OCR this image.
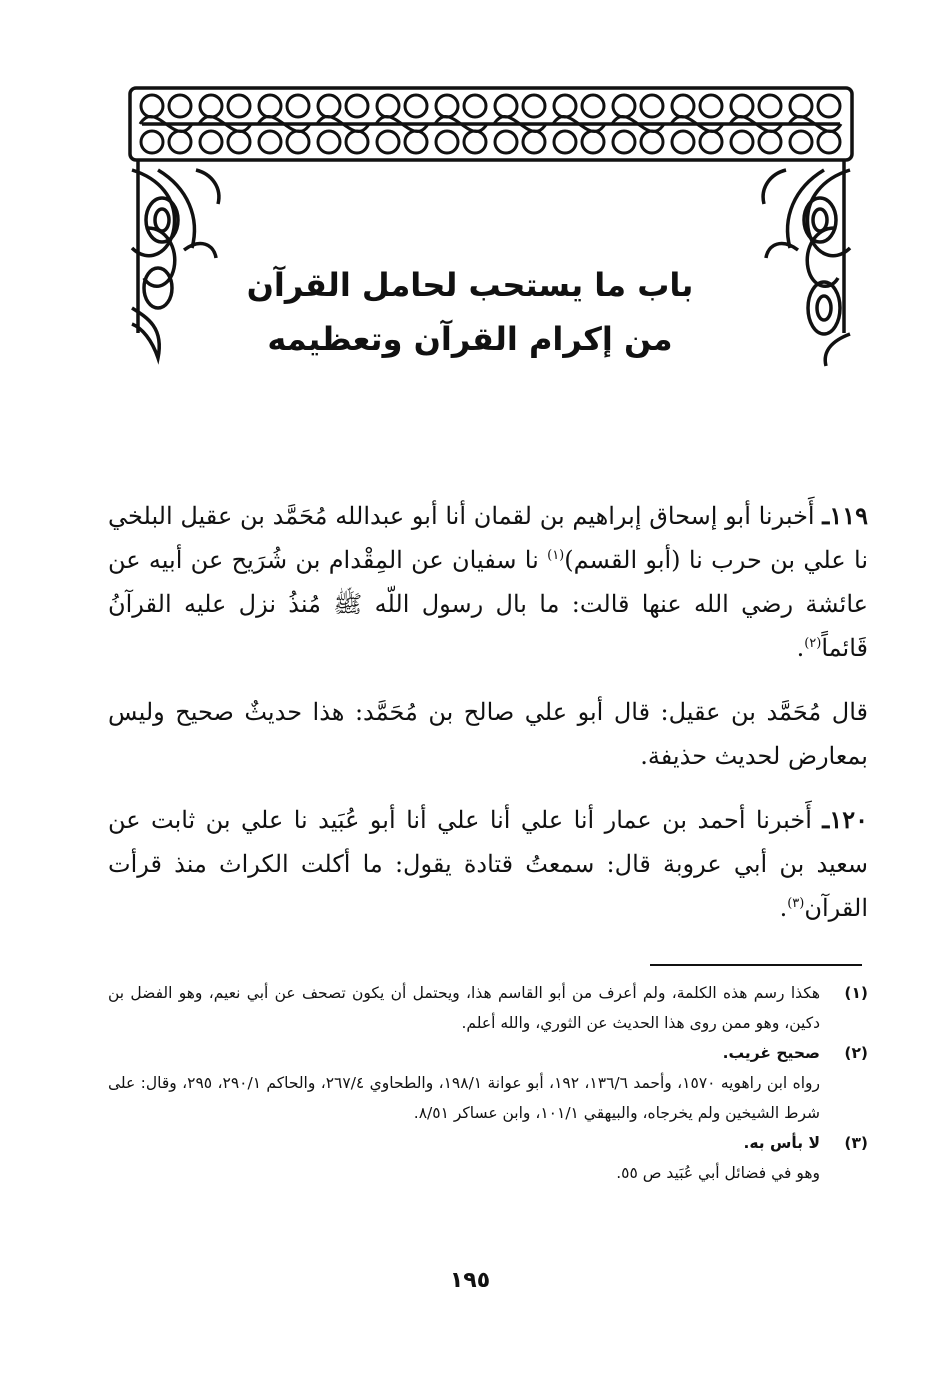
باب ما يستحب لحامل القرآن
من إكرام القرآن وتعظيمه
١١٩ـ أَخبرنا أبو إسحاق إبراهيم بن لقمان أنا أبو عبدالله مُحَمَّد بن عقيل البلخي نا علي بن حرب نا (أبو القسم)$^{(١)}$ نا سفيان عن المِقْدام بن شُرَيح عن أبيه عن عائشة رضي الله عنها قالت: ما بال رسول اللّه ﷺ مُنذُ نزل عليه القرآنُ قَائماً$^{(٢)}$.
قال مُحَمَّد بن عقيل: قال أبو علي صالح بن مُحَمَّد: هذا حديثٌ صحيح وليس بمعارض لحديث حذيفة.
١٢٠ـ أَخبرنا أحمد بن عمار أنا علي أنا علي أنا أبو عُبَيد نا علي بن ثابت عن سعيد بن أبي عروبة قال: سمعتُ قتادة يقول: ما أكلت الكراث منذ قرأت القرآن$^{(٣)}$.
(١)
هكذا رسم هذه الكلمة، ولم أعرف من أبو القاسم هذا، ويحتمل أن يكون تصحف عن أبي نعيم، وهو الفضل بن دكين، وهو ممن روى هذا الحديث عن الثوري، والله أعلم.
(٢)
صحيح غريب.
رواه ابن راهويه ١٥٧٠، وأحمد ١٣٦/٦، ١٩٢، أبو عوانة ١٩٨/١، والطحاوي ٢٦٧/٤، والحاكم ٢٩٠/١، ٢٩٥، وقال: على شرط الشيخين ولم يخرجاه، والبيهقي ١٠١/١، وابن عساكر ٨/٥١.
(٣)
لا بأس به.
وهو في فضائل أبي عُبَيد ص ٥٥.
١٩٥
